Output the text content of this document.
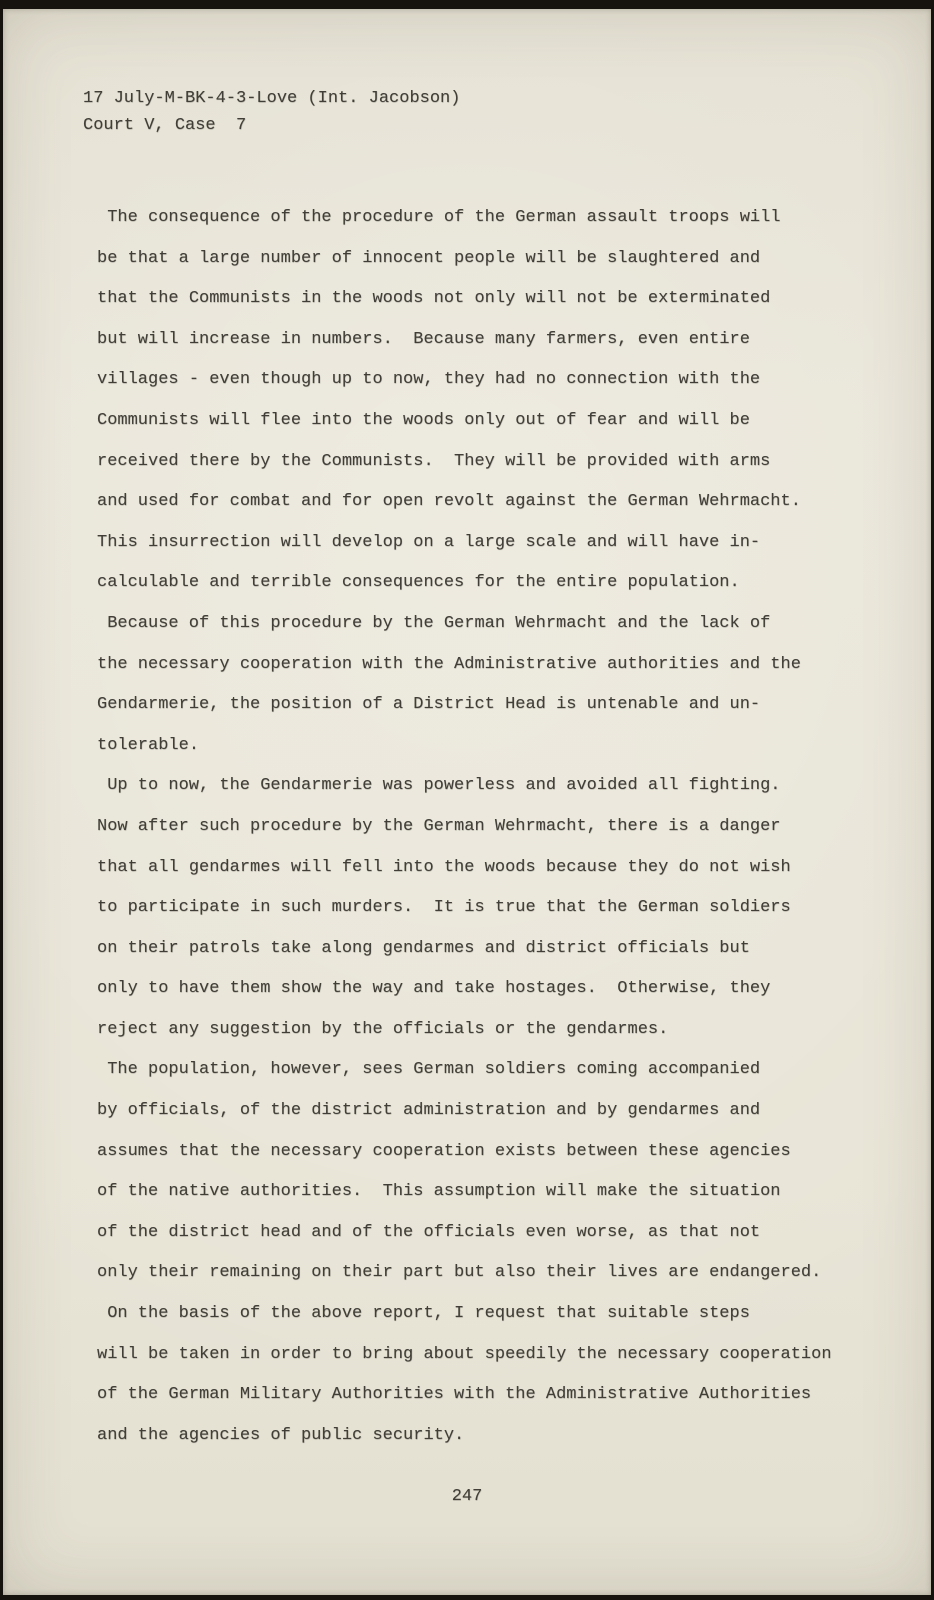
17 July-M-BK-4-3-Love (Int. Jacobson)
Court V, Case  7

The consequence of the procedure of the German assault troops will
be that a large number of innocent people will be slaughtered and
that the Communists in the woods not only will not be exterminated
but will increase in numbers.  Because many farmers, even entire
villages - even though up to now, they had no connection with the
Communists will flee into the woods only out of fear and will be
received there by the Communists.  They will be provided with arms
and used for combat and for open revolt against the German Wehrmacht.
This insurrection will develop on a large scale and will have in-
calculable and terrible consequences for the entire population.

Because of this procedure by the German Wehrmacht and the lack of
the necessary cooperation with the Administrative authorities and the
Gendarmerie, the position of a District Head is untenable and un-
tolerable.

Up to now, the Gendarmerie was powerless and avoided all fighting.
Now after such procedure by the German Wehrmacht, there is a danger
that all gendarmes will fell into the woods because they do not wish
to participate in such murders.  It is true that the German soldiers
on their patrols take along gendarmes and district officials but
only to have them show the way and take hostages.  Otherwise, they
reject any suggestion by the officials or the gendarmes.

The population, however, sees German soldiers coming accompanied
by officials, of the district administration and by gendarmes and
assumes that the necessary cooperation exists between these agencies
of the native authorities.  This assumption will make the situation
of the district head and of the officials even worse, as that not
only their remaining on their part but also their lives are endangered.

On the basis of the above report, I request that suitable steps
will be taken in order to bring about speedily the necessary cooperation
of the German Military Authorities with the Administrative Authorities
and the agencies of public security.

247
